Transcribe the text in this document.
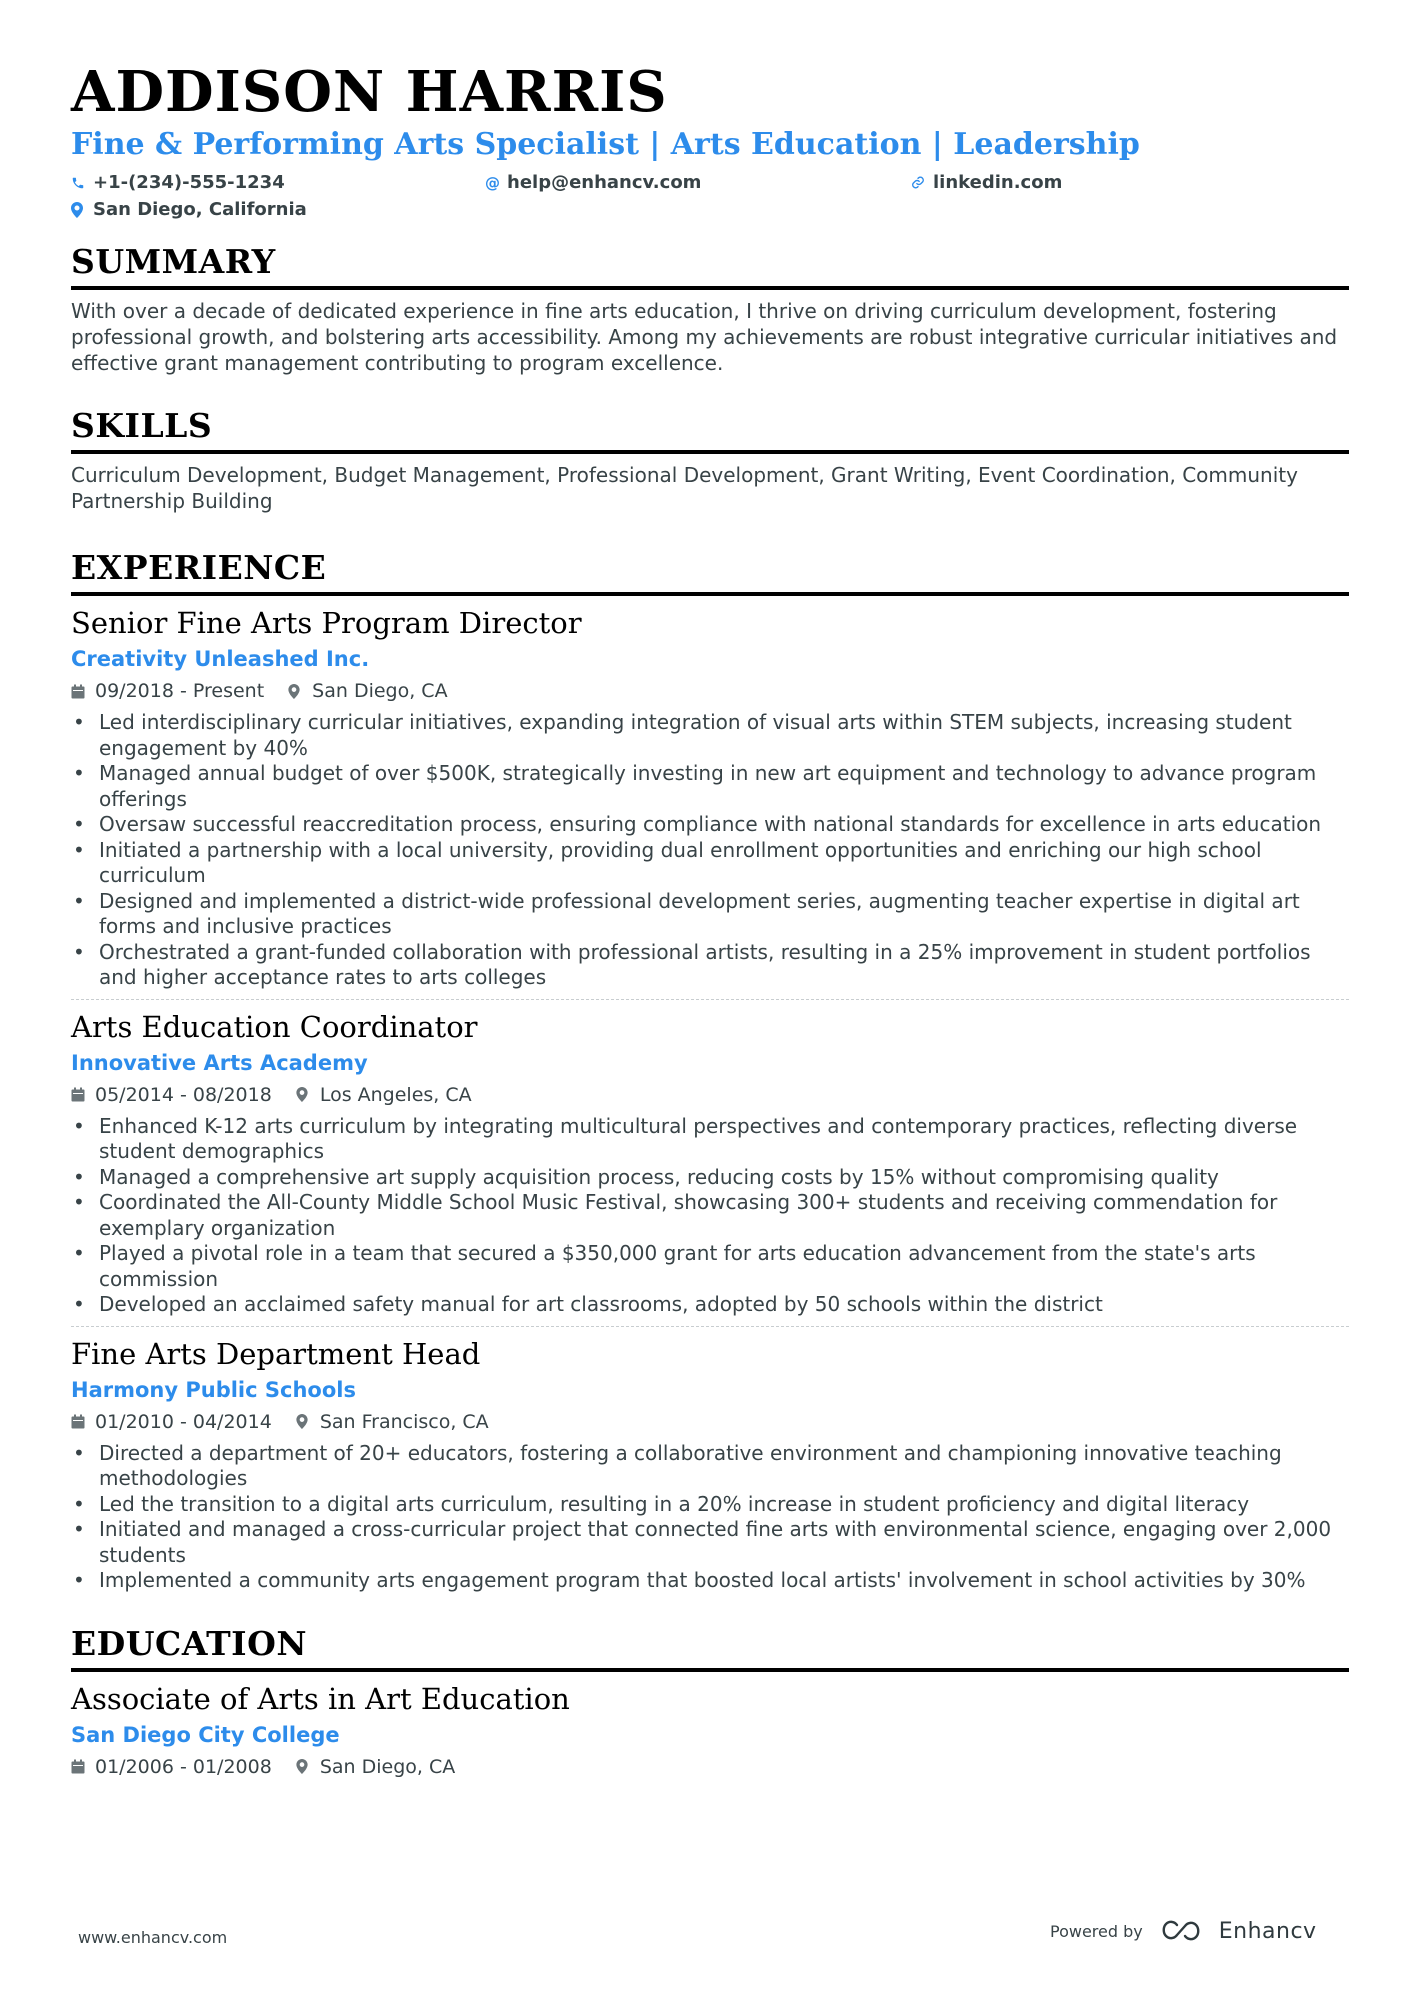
ADDISON HARRIS
Fine & Performing Arts Specialist | Arts Education | Leadership
+1-(234)-555-1234	@ help@enhancv.com	linkedin.com
San Diego, California
SUMMARY
With over a decade of dedicated experience in fine arts education, I thrive on driving curriculum development, fostering professional growth, and bolstering arts accessibility. Among my achievements are robust integrative curricular initiatives and effective grant management contributing to program excellence.
SKILLS
Curriculum Development, Budget Management, Professional Development, Grant Writing, Event Coordination, Community Partnership Building
EXPERIENCE
Senior Fine Arts Program Director
Creativity Unleashed Inc.
09/2018 - Present	San Diego, CA
• Led interdisciplinary curricular initiatives, expanding integration of visual arts within STEM subjects, increasing student engagement by 40%
• Managed annual budget of over $500K, strategically investing in new art equipment and technology to advance program offerings
• Oversaw successful reaccreditation process, ensuring compliance with national standards for excellence in arts education
• Initiated a partnership with a local university, providing dual enrollment opportunities and enriching our high school curriculum
• Designed and implemented a district-wide professional development series, augmenting teacher expertise in digital art forms and inclusive practices
• Orchestrated a grant-funded collaboration with professional artists, resulting in a 25% improvement in student portfolios and higher acceptance rates to arts colleges
Arts Education Coordinator
Innovative Arts Academy
05/2014 - 08/2018	Los Angeles, CA
• Enhanced K-12 arts curriculum by integrating multicultural perspectives and contemporary practices, reflecting diverse student demographics
• Managed a comprehensive art supply acquisition process, reducing costs by 15% without compromising quality
• Coordinated the All-County Middle School Music Festival, showcasing 300+ students and receiving commendation for exemplary organization
• Played a pivotal role in a team that secured a $350,000 grant for arts education advancement from the state's arts commission
• Developed an acclaimed safety manual for art classrooms, adopted by 50 schools within the district
Fine Arts Department Head
Harmony Public Schools
01/2010 - 04/2014	San Francisco, CA
• Directed a department of 20+ educators, fostering a collaborative environment and championing innovative teaching methodologies
• Led the transition to a digital arts curriculum, resulting in a 20% increase in student proficiency and digital literacy
• Initiated and managed a cross-curricular project that connected fine arts with environmental science, engaging over 2,000 students
• Implemented a community arts engagement program that boosted local artists' involvement in school activities by 30%
EDUCATION
Associate of Arts in Art Education
San Diego City College
01/2006 - 01/2008	San Diego, CA
www.enhancv.com	Powered by	Enhancv
